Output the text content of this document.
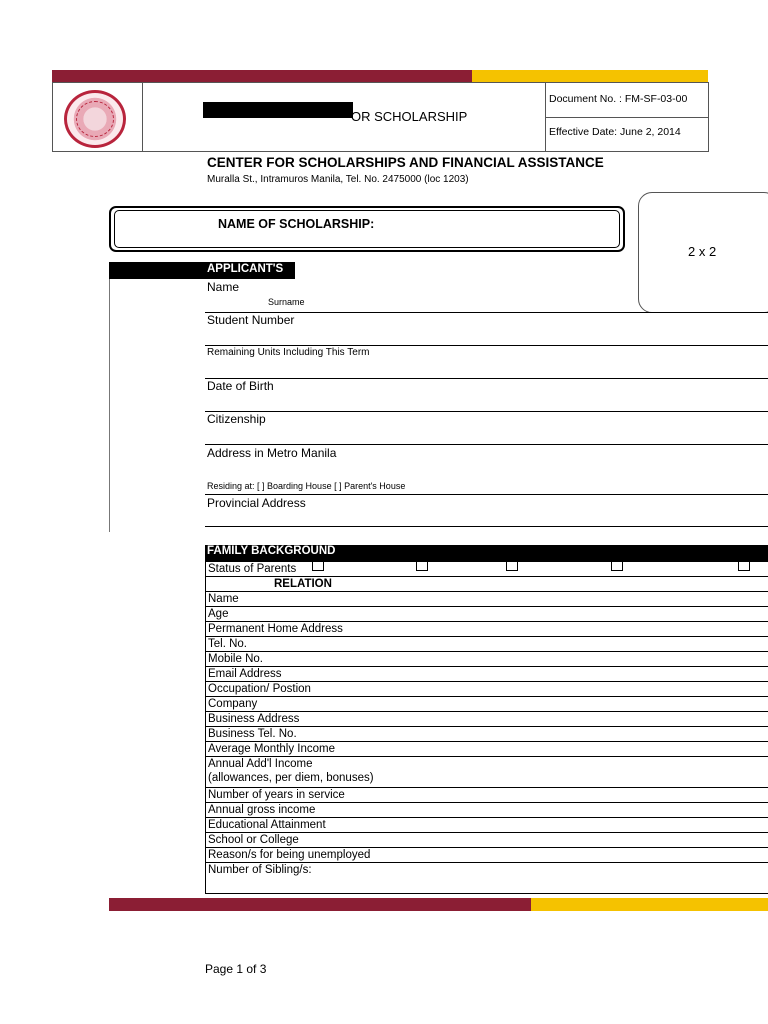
OR SCHOLARSHIP
Document No. : FM-SF-03-00
Effective Date: June 2, 2014
CENTER FOR SCHOLARSHIPS AND FINANCIAL ASSISTANCE
Muralla St., Intramuros Manila, Tel. No. 2475000 (loc 1203)
NAME OF SCHOLARSHIP:
2 x 2
APPLICANT'S
Name
Surname
Student Number
Remaining Units Including This Term
Date of Birth
Citizenship
Address in Metro Manila
Residing at: [ ] Boarding House [ ] Parent's House
Provincial Address
FAMILY BACKGROUND
Status of Parents
RELATION
Name
Age
Permanent Home Address
Tel. No.
Mobile No.
Email Address
Occupation/ Postion
Company
Business Address
Business Tel. No.
Average Monthly Income

Annual Add'l Income
(allowances, per diem, bonuses)

Number of years in service
Annual gross income
Educational Attainment
School or College
Reason/s for being unemployed
Number of Sibling/s:
Page 1 of 3
